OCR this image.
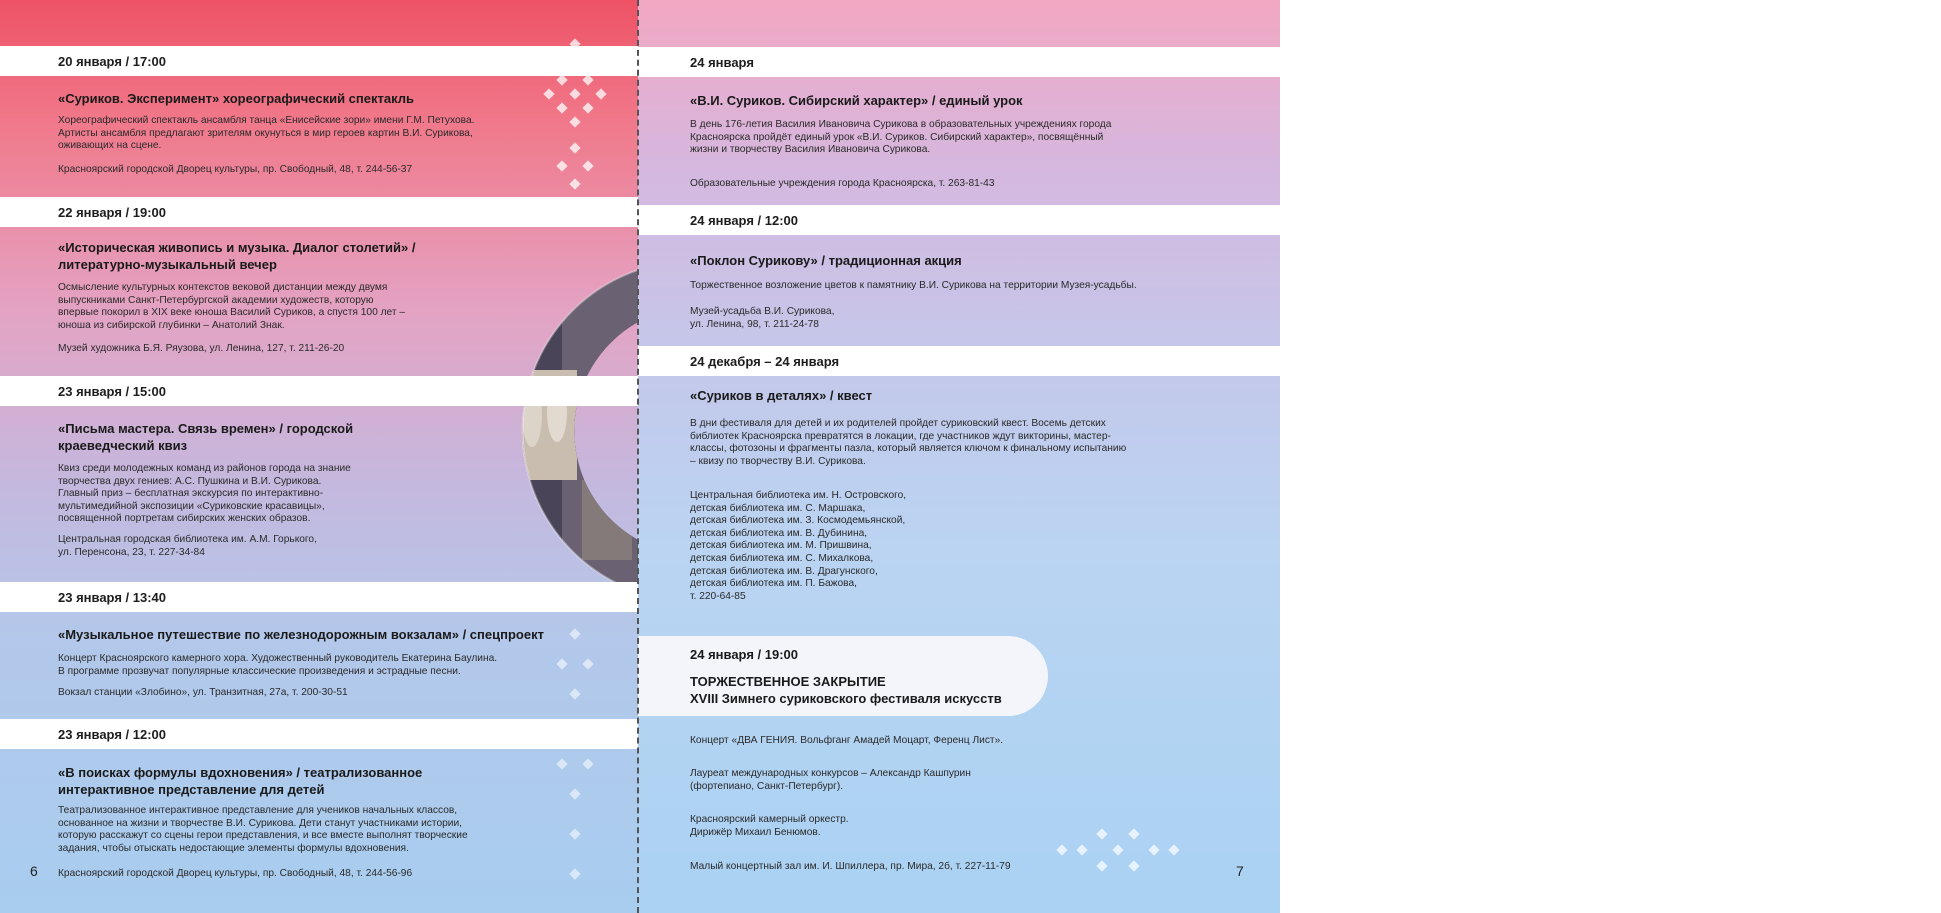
20 января / 17:00
«Суриков. Эксперимент» хореографический спектакль
Хореографический спектакль ансамбля танца «Енисейские зори» имени Г.М. Петухова.
Артисты ансамбля предлагают зрителям окунуться в мир героев картин В.И. Сурикова,
оживающих на сцене.
Красноярский городской Дворец культуры, пр. Свободный, 48, т. 244-56-37
22 января / 19:00
«Историческая живопись и музыка. Диалог столетий» /
литературно-музыкальный вечер
Осмысление культурных контекстов вековой дистанции между двумя
выпускниками Санкт-Петербургской академии художеств, которую
впервые покорил в XIX веке юноша Василий Суриков, а спустя 100 лет –
юноша из сибирской глубинки – Анатолий Знак.
Музей художника Б.Я. Ряузова, ул. Ленина, 127, т. 211-26-20
23 января / 15:00
«Письма мастера. Связь времен» / городской
краеведческий квиз
Квиз среди молодежных команд из районов города на знание
творчества двух гениев: А.С. Пушкина и В.И. Сурикова.
Главный приз – бесплатная экскурсия по интерактивно-
мультимедийной экспозиции «Суриковские красавицы»,
посвященной портретам сибирских женских образов.
Центральная городская библиотека им. А.М. Горького,
ул. Перенсона, 23, т. 227-34-84
23 января / 13:40
«Музыкальное путешествие по железнодорожным вокзалам» / спецпроект
Концерт Красноярского камерного хора. Художественный руководитель Екатерина Баулина.
В программе прозвучат популярные классические произведения и эстрадные песни.
Вокзал станции «Злобино», ул. Транзитная, 27а, т. 200-30-51
23 января / 12:00
«В поисках формулы вдохновения» / театрализованное
интерактивное представление для детей
Театрализованное интерактивное представление для учеников начальных классов,
основанное на жизни и творчестве В.И. Сурикова. Дети станут участниками истории,
которую расскажут со сцены герои представления, и все вместе выполнят творческие
задания, чтобы отыскать недостающие элементы формулы вдохновения.
Красноярский городской Дворец культуры, пр. Свободный, 48, т. 244-56-96
6
XVIII
24 января
«В.И. Суриков. Сибирский характер» / единый урок
В день 176-летия Василия Ивановича Сурикова в образовательных учреждениях города
Красноярска пройдёт единый урок «В.И. Суриков. Сибирский характер», посвящённый
жизни и творчеству Василия Ивановича Сурикова.
Образовательные учреждения города Красноярска, т. 263-81-43
24 января / 12:00
«Поклон Сурикову» / традиционная акция
Торжественное возложение цветов к памятнику В.И. Сурикова на территории Музея-усадьбы.
Музей-усадьба В.И. Сурикова,
ул. Ленина, 98, т. 211-24-78
24 декабря – 24 января
«Суриков в деталях» / квест
В дни фестиваля для детей и их родителей пройдет суриковский квест. Восемь детских
библиотек Красноярска превратятся в локации, где участников ждут викторины, мастер-
классы, фотозоны и фрагменты пазла, который является ключом к финальному испытанию
– квизу по творчеству В.И. Сурикова.
Центральная библиотека им. Н. Островского,
детская библиотека им. С. Маршака,
детская библиотека им. З. Космодемьянской,
детская библиотека им. В. Дубинина,
детская библиотека им. М. Пришвина,
детская библиотека им. С. Михалкова,
детская библиотека им. В. Драгунского,
детская библиотека им. П. Бажова,
т. 220-64-85
24 января / 19:00
ТОРЖЕСТВЕННОЕ ЗАКРЫТИЕ
XVIII Зимнего суриковского фестиваля искусств
Концерт «ДВА ГЕНИЯ. Вольфганг Амадей Моцарт, Ференц Лист».
Лауреат международных конкурсов – Александр Кашпурин
(фортепиано, Санкт-Петербург).
Красноярский камерный оркестр.
Дирижёр Михаил Бенюмов.
Малый концертный зал им. И. Шпиллера, пр. Мира, 2б, т. 227-11-79	7
